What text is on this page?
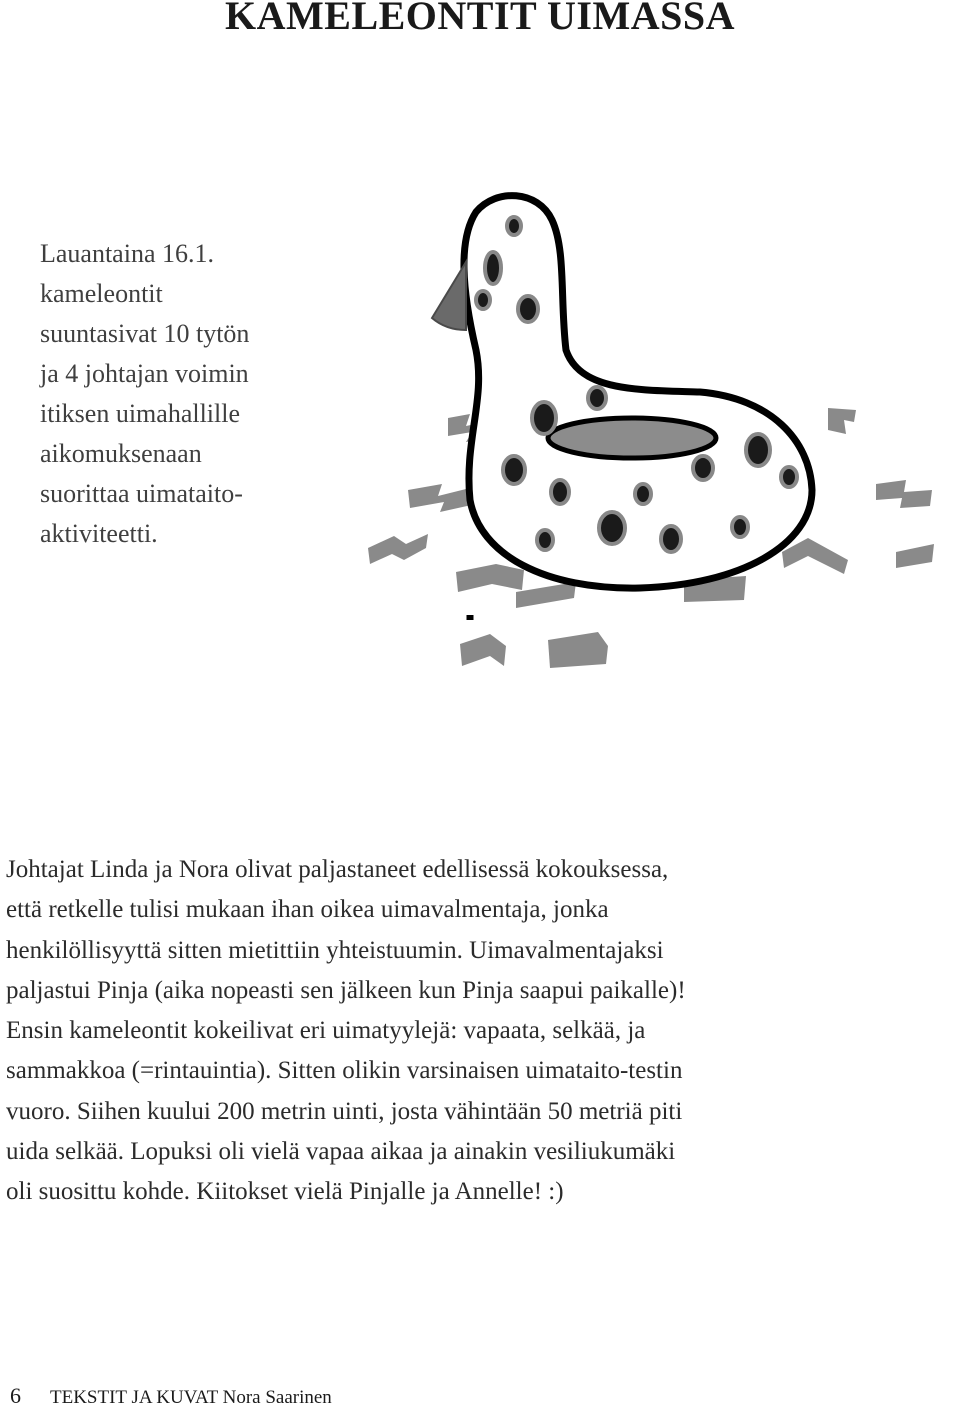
KAMELEONTIT UIMASSA
Lauantaina 16.1.
kameleontit
suuntasivat 10 tytön
ja 4 johtajan voimin
itiksen uimahallille
aikomuksenaan
suorittaa uimataito-
aktiviteetti.
Johtajat Linda ja Nora olivat paljastaneet edellisessä kokouksessa,
että retkelle tulisi mukaan ihan oikea uimavalmentaja, jonka
henkilöllisyyttä sitten mietittiin yhteistuumin. Uimavalmentajaksi
paljastui Pinja (aika nopeasti sen jälkeen kun Pinja saapui paikalle)!
Ensin kameleontit kokeilivat eri uimatyylejä: vapaata, selkää, ja
sammakkoa (=rintauintia). Sitten olikin varsinaisen uimataito-testin
vuoro. Siihen kuului 200 metrin uinti, josta vähintään 50 metriä piti
uida selkää. Lopuksi oli vielä vapaa aikaa ja ainakin vesiliukumäki
oli suosittu kohde. Kiitokset vielä Pinjalle ja Annelle! :)
6 TEKSTIT JA KUVAT Nora Saarinen
